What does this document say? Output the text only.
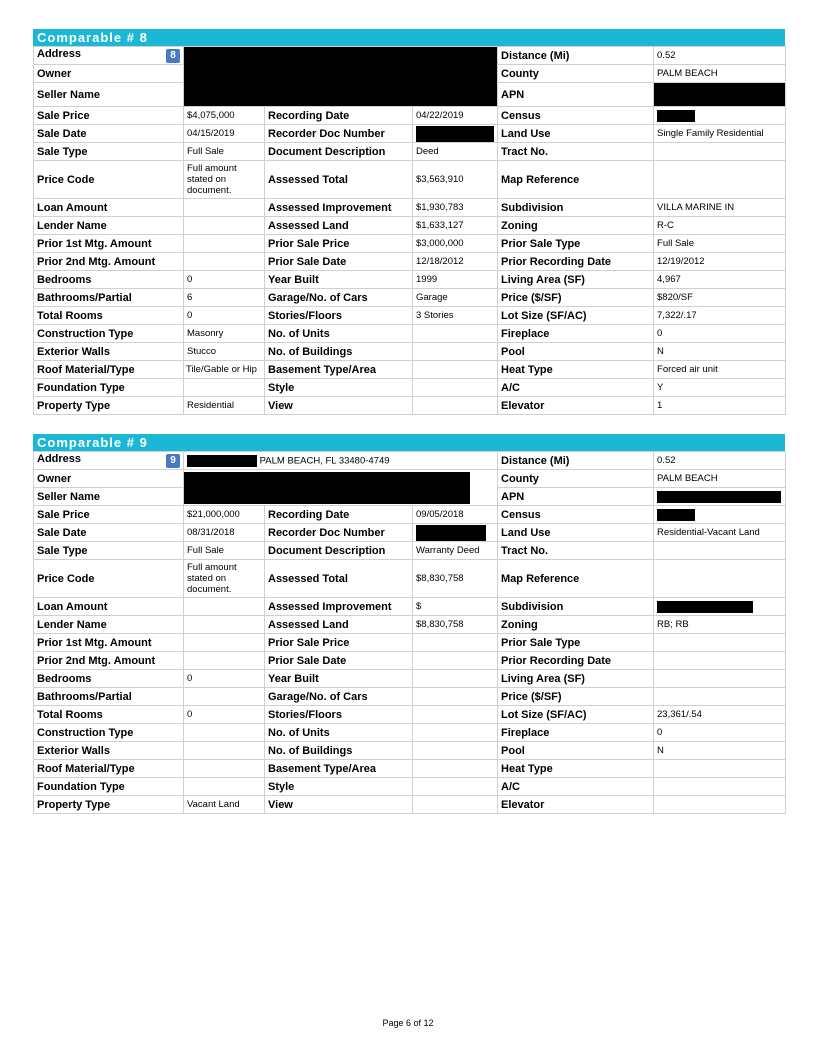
Comparable # 8
Address 8				Distance (Mi)	0.52
Owner				County	PALM BEACH
Seller Name				APN	
Sale Price	$4,075,000	Recording Date	04/22/2019	Census	
Sale Date	04/15/2019	Recorder Doc Number		Land Use	Single Family Residential
Sale Type	Full Sale	Document Description	Deed	Tract No.	
Price Code	Full amount stated on document.	Assessed Total	$3,563,910	Map Reference	
Loan Amount		Assessed Improvement	$1,930,783	Subdivision	VILLA MARINE IN
Lender Name		Assessed Land	$1,633,127	Zoning	R-C
Prior 1st Mtg. Amount		Prior Sale Price	$3,000,000	Prior Sale Type	Full Sale
Prior 2nd Mtg. Amount		Prior Sale Date	12/18/2012	Prior Recording Date	12/19/2012
Bedrooms	0	Year Built	1999	Living Area (SF)	4,967
Bathrooms/Partial	6	Garage/No. of Cars	Garage	Price ($/SF)	$820/SF
Total Rooms	0	Stories/Floors	3 Stories	Lot Size (SF/AC)	7,322/.17
Construction Type	Masonry	No. of Units		Fireplace	0
Exterior Walls	Stucco	No. of Buildings		Pool	N
Roof Material/Type	Tile/Gable or Hip	Basement Type/Area		Heat Type	Forced air unit
Foundation Type		Style		A/C	Y
Property Type	Residential	View		Elevator	1
Comparable # 9
Address 9	PALM BEACH, FL 33480-4749			Distance (Mi)	0.52
Owner				County	PALM BEACH
Seller Name				APN	
Sale Price	$21,000,000	Recording Date	09/05/2018	Census	
Sale Date	08/31/2018	Recorder Doc Number		Land Use	Residential-Vacant Land
Sale Type	Full Sale	Document Description	Warranty Deed	Tract No.	
Price Code	Full amount stated on document.	Assessed Total	$8,830,758	Map Reference	
Loan Amount		Assessed Improvement	$	Subdivision	
Lender Name		Assessed Land	$8,830,758	Zoning	RB; RB
Prior 1st Mtg. Amount		Prior Sale Price		Prior Sale Type	
Prior 2nd Mtg. Amount		Prior Sale Date		Prior Recording Date	
Bedrooms	0	Year Built		Living Area (SF)	
Bathrooms/Partial		Garage/No. of Cars		Price ($/SF)	
Total Rooms	0	Stories/Floors		Lot Size (SF/AC)	23,361/.54
Construction Type		No. of Units		Fireplace	0
Exterior Walls		No. of Buildings		Pool	N
Roof Material/Type		Basement Type/Area		Heat Type	
Foundation Type		Style		A/C	
Property Type	Vacant Land	View		Elevator	
Page 6 of 12
